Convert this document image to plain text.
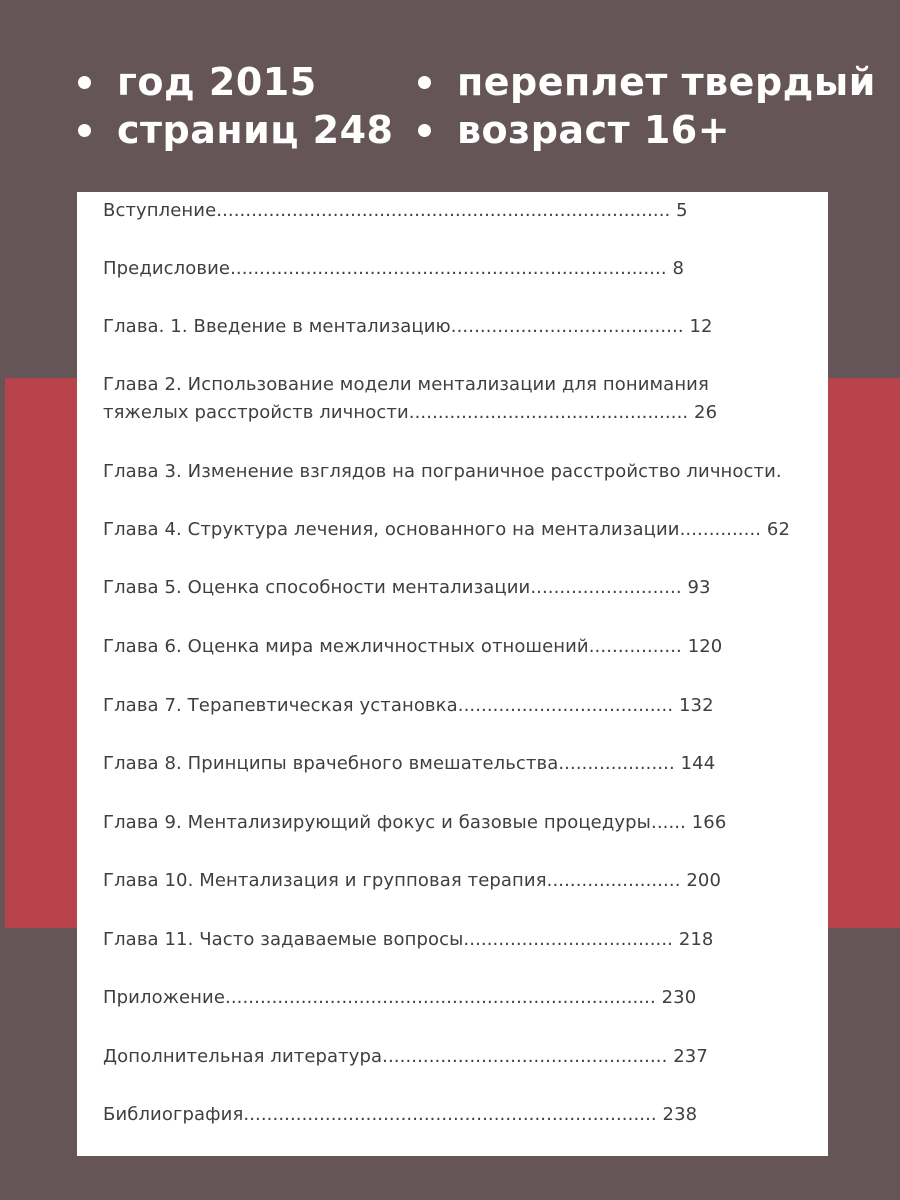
год 2015
страниц 248
переплет твердый
возраст 16+
Вступление.............................................................................. 5
Предисловие........................................................................... 8
Глава. 1. Введение в ментализацию........................................ 12
Глава 2. Использование модели ментализации для понимания
тяжелых расстройств личности................................................ 26
Глава 3. Изменение взглядов на пограничное расстройство личности.
Глава 4. Структура лечения, основанного на ментализации.............. 62
Глава 5. Оценка способности ментализации.......................... 93
Глава 6. Оценка мира межличностных отношений................ 120
Глава 7. Терапевтическая установка..................................... 132
Глава 8. Принципы врачебного вмешательства.................... 144
Глава 9. Ментализирующий фокус и базовые процедуры...... 166
Глава 10. Ментализация и групповая терапия....................... 200
Глава 11. Часто задаваемые вопросы.................................... 218
Приложение.......................................................................... 230
Дополнительная литература................................................. 237
Библиография....................................................................... 238
